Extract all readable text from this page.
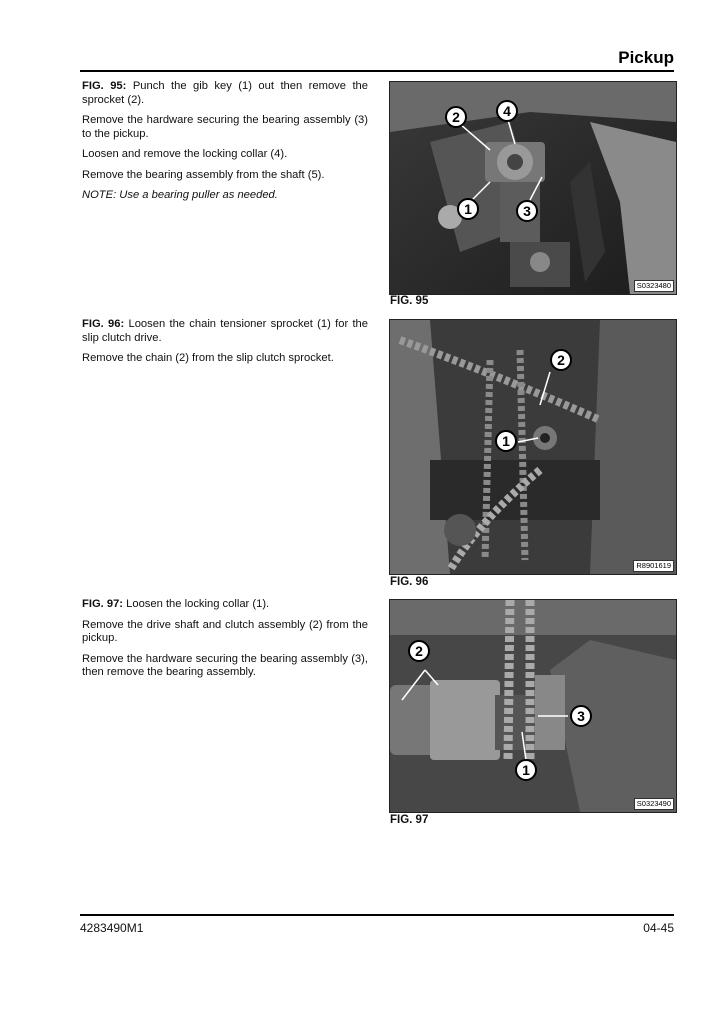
Pickup

FIG. 95: Punch the gib key (1) out then remove the sprocket (2).

Remove the hardware securing the bearing assembly (3) to the pickup.

Loosen and remove the locking collar (4).

Remove the bearing assembly from the shaft (5).

NOTE: Use a bearing puller as needed.

2	4
1	3
S0323480
FIG. 95

FIG. 96: Loosen the chain tensioner sprocket (1) for the slip clutch drive.

Remove the chain (2) from the slip clutch sprocket.	2
1
R8901619
FIG. 96

FIG. 97: Loosen the locking collar (1).

Remove the drive shaft and clutch assembly (2) from the pickup.

Remove the hardware securing the bearing assembly (3), then remove the bearing assembly.

2
3
1
S0323490
FIG. 97
4283490M1	04-45
